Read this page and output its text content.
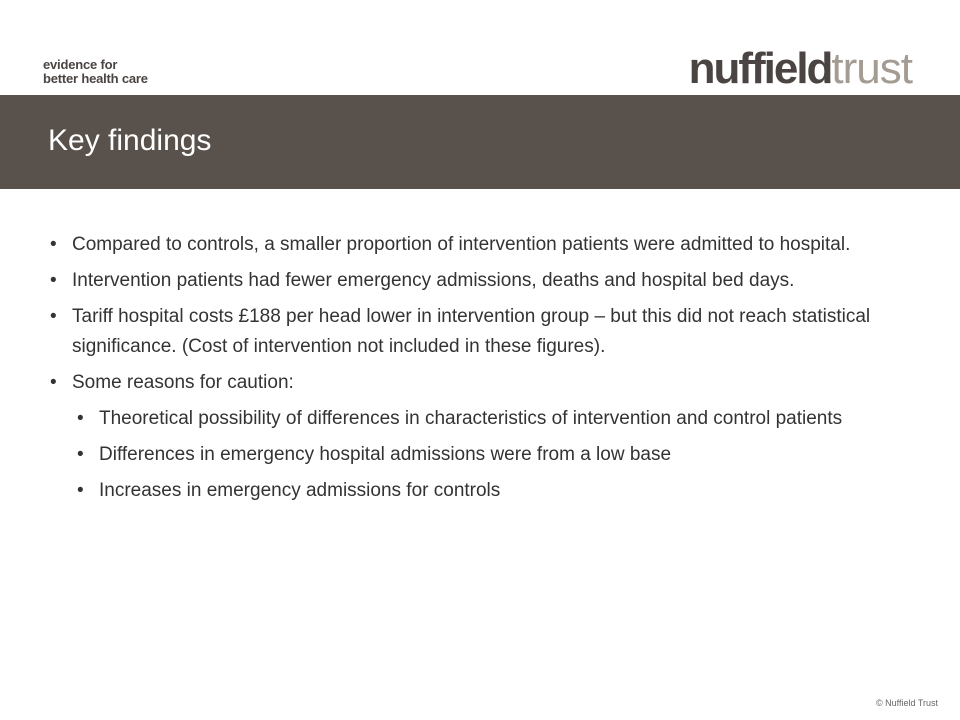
evidence for
better health care	nuffieldtrust
Key findings
• Compared to controls, a smaller proportion of intervention patients were admitted to hospital.
• Intervention patients had fewer emergency admissions, deaths and hospital bed days.
• Tariff hospital costs £188 per head lower in intervention group – but this did not reach statistical significance. (Cost of intervention not included in these figures).
• Some reasons for caution:
• Theoretical possibility of differences in characteristics of intervention and control patients
• Differences in emergency hospital admissions were from a low base
• Increases in emergency admissions for controls
© Nuffield Trust
